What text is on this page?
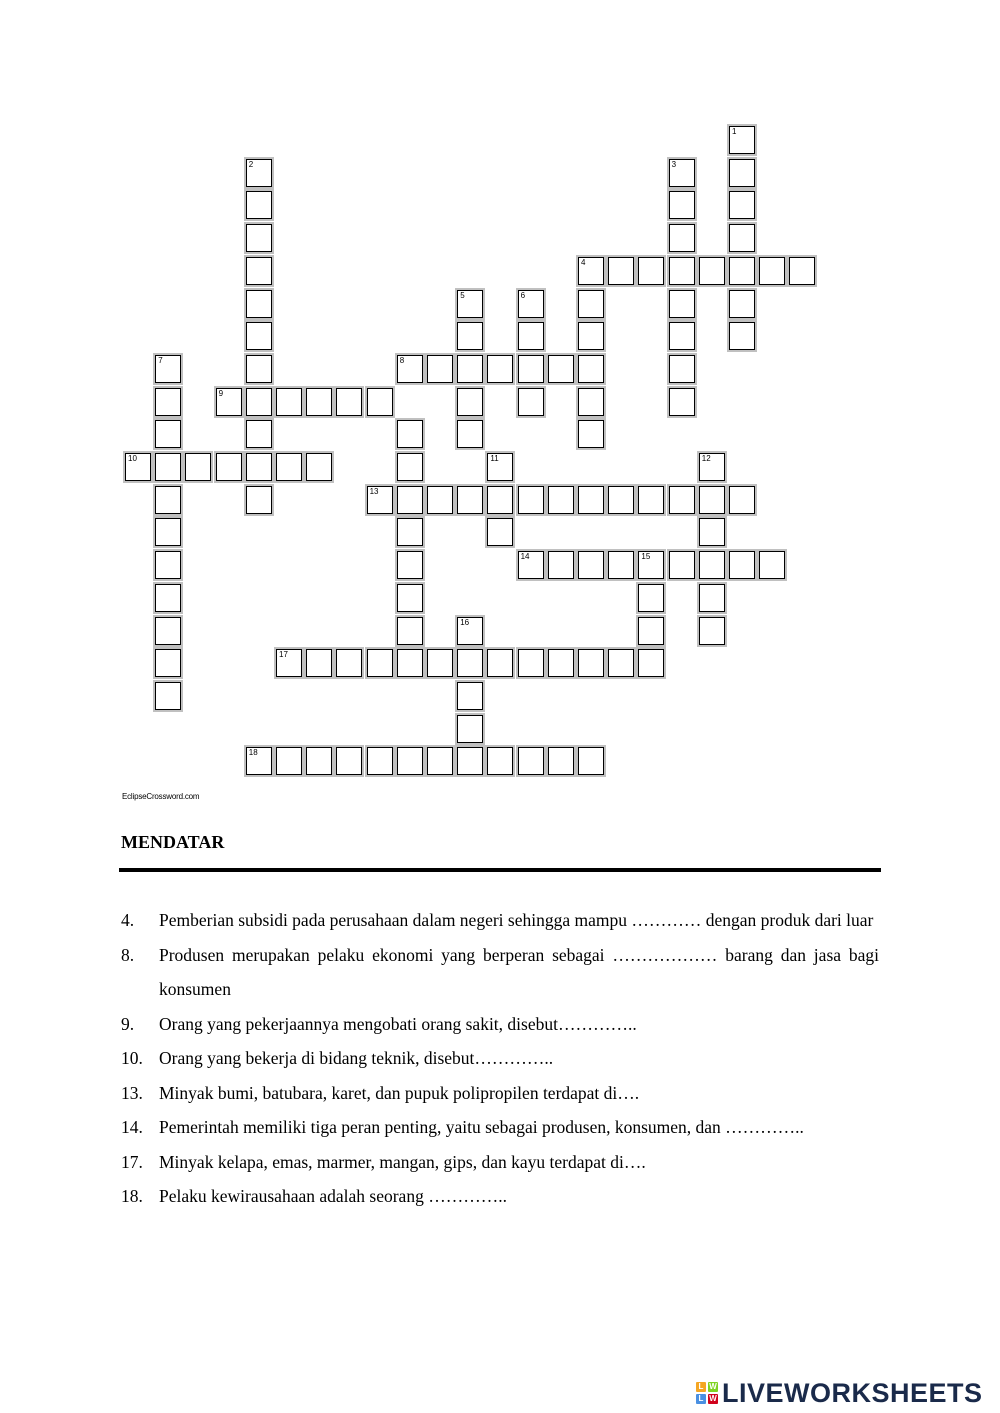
1
2	3
4
5	6
7	8
9
10	11	12
14	15
16
17
18
13
EclipseCrossword.com
MENDATAR
4. Pemberian subsidi pada perusahaan dalam negeri sehingga mampu ………… dengan produk dari luar
8. Produsen merupakan pelaku ekonomi yang berperan sebagai ……………… barang dan jasa bagi konsumen
9. Orang yang pekerjaannya mengobati orang sakit, disebut…………..
10. Orang yang bekerja di bidang teknik, disebut…………..
13. Minyak bumi, batubara, karet, dan pupuk polipropilen terdapat di….
14. Pemerintah memiliki tiga peran penting, yaitu sebagai produsen, konsumen, dan …………..
17. Minyak kelapa, emas, marmer, mangan, gips, dan kayu terdapat di….
18. Pelaku kewirausahaan adalah seorang …………..
L W
L W LIVEWORKSHEETS
